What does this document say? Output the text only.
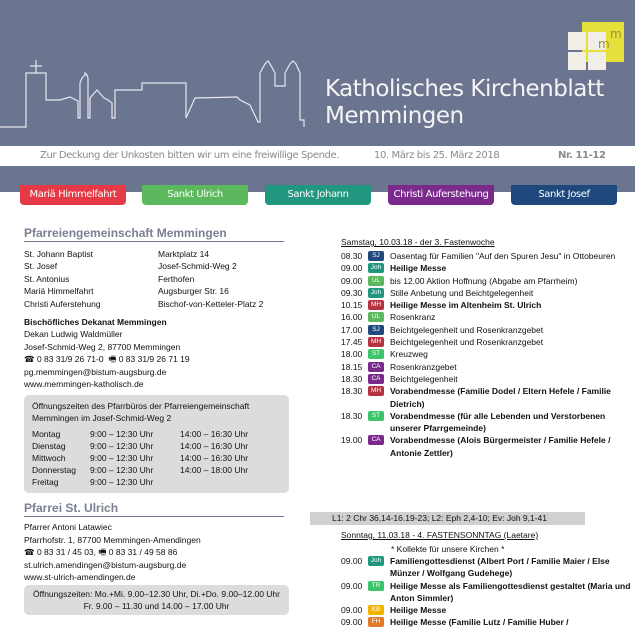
Katholisches Kirchenblatt
Memmingen
m
m
Zur Deckung der Unkosten bitten wir um eine freiwillige Spende.	10. März bis 25. März 2018	Nr. 11-12
Mariä Himmelfahrt	Sankt Ulrich	Sankt Johann	Christi Auferstehung	Sankt Josef
Pfarreiengemeinschaft Memmingen
St. Johann Baptist	Marktplatz 14
St. Josef	Josef-Schmid-Weg 2
St. Antonius	Ferthofen
Mariä Himmelfahrt	Augsburger Str. 16
Christi Auferstehung	Bischof-von-Ketteler-Platz 2
Bischöfliches Dekanat Memmingen
Dekan Ludwig Waldmüller
Josef-Schmid-Weg 2, 87700 Memmingen
☎ 0 83 31/9 26 71-0 🖷 0 83 31/9 26 71 19
pg.memmingen@bistum-augsburg.de
www.memmingen-katholisch.de
Öffnungszeiten des Pfarrbüros der Pfarreiengemeinschaft Memmingen im Josef-Schmid-Weg 2
Montag	9:00 – 12:30 Uhr	14:00 – 16:30 Uhr
Dienstag	9:00 – 12:30 Uhr	14:00 – 16:30 Uhr
Mittwoch	9:00 – 12:30 Uhr	14:00 – 16:30 Uhr
Donnerstag	9:00 – 12:30 Uhr	14:00 – 18:00 Uhr
Freitag	9:00 – 12:30 Uhr
Pfarrei St. Ulrich
Pfarrer Antoni Latawiec
Pfarrhofstr. 1, 87700 Memmingen-Amendingen
☎ 0 83 31 / 45 03, 🖷 0 83 31 / 49 58 86
st.ulrich.amendingen@bistum-augsburg.de
www.st-ulrich-amendingen.de
Öffnungszeiten: Mo.+Mi. 9.00–12.30 Uhr, Di.+Do. 9.00–12.00 Uhr
Fr. 9.00 – 11.30 und 14.00 – 17.00 Uhr
Samstag, 10.03.18 - der 3. Fastenwoche
08.30	SJ	Oasentag für Familien "Auf den Spuren Jesu" in Ottobeuren
09.00	Joh	Heilige Messe
09.00	UL	bis 12.00 Aktion Hoffnung (Abgabe am Pfarrheim)
09.30	Joh	Stille Anbetung und Beichtgelegenheit
10.15	MH	Heilige Messe im Altenheim St. Ulrich
16.00	UL	Rosenkranz
17.00	SJ	Beichtgelegenheit und Rosenkranzgebet
17.45	MH	Beichtgelegenheit und Rosenkranzgebet
18.00	ST	Kreuzweg
18.15	CA	Rosenkranzgebet
18.30	CA	Beichtgelegenheit
18.30	MH	Vorabendmesse (Familie Dodel / Eltern Hefele / Familie Dietrich)
18.30	ST	Vorabendmesse (für alle Lebenden und Verstorbenen unserer Pfarrgemeinde)
19.00	CA	Vorabendmesse (Alois Bürgermeister / Familie Hefele / Antonie Zettler)
L1: 2 Chr 36,14-16.19-23; L2: Eph 2,4-10; Ev: Joh 9,1-41
Sonntag, 11.03.18 - 4. FASTENSONNTAG (Laetare)
* Kollekte für unsere Kirchen *
09.00	Joh	Familiengottesdienst (Albert Port / Familie Maier / Else Münzer / Wolfgang Gudehege)
09.00	TR	Heilige Messe als Familiengottesdienst gestaltet (Maria und Anton Simmler)
09.00	KB	Heilige Messe
09.00	FH	Heilige Messe (Familie Lutz / Familie Huber /
